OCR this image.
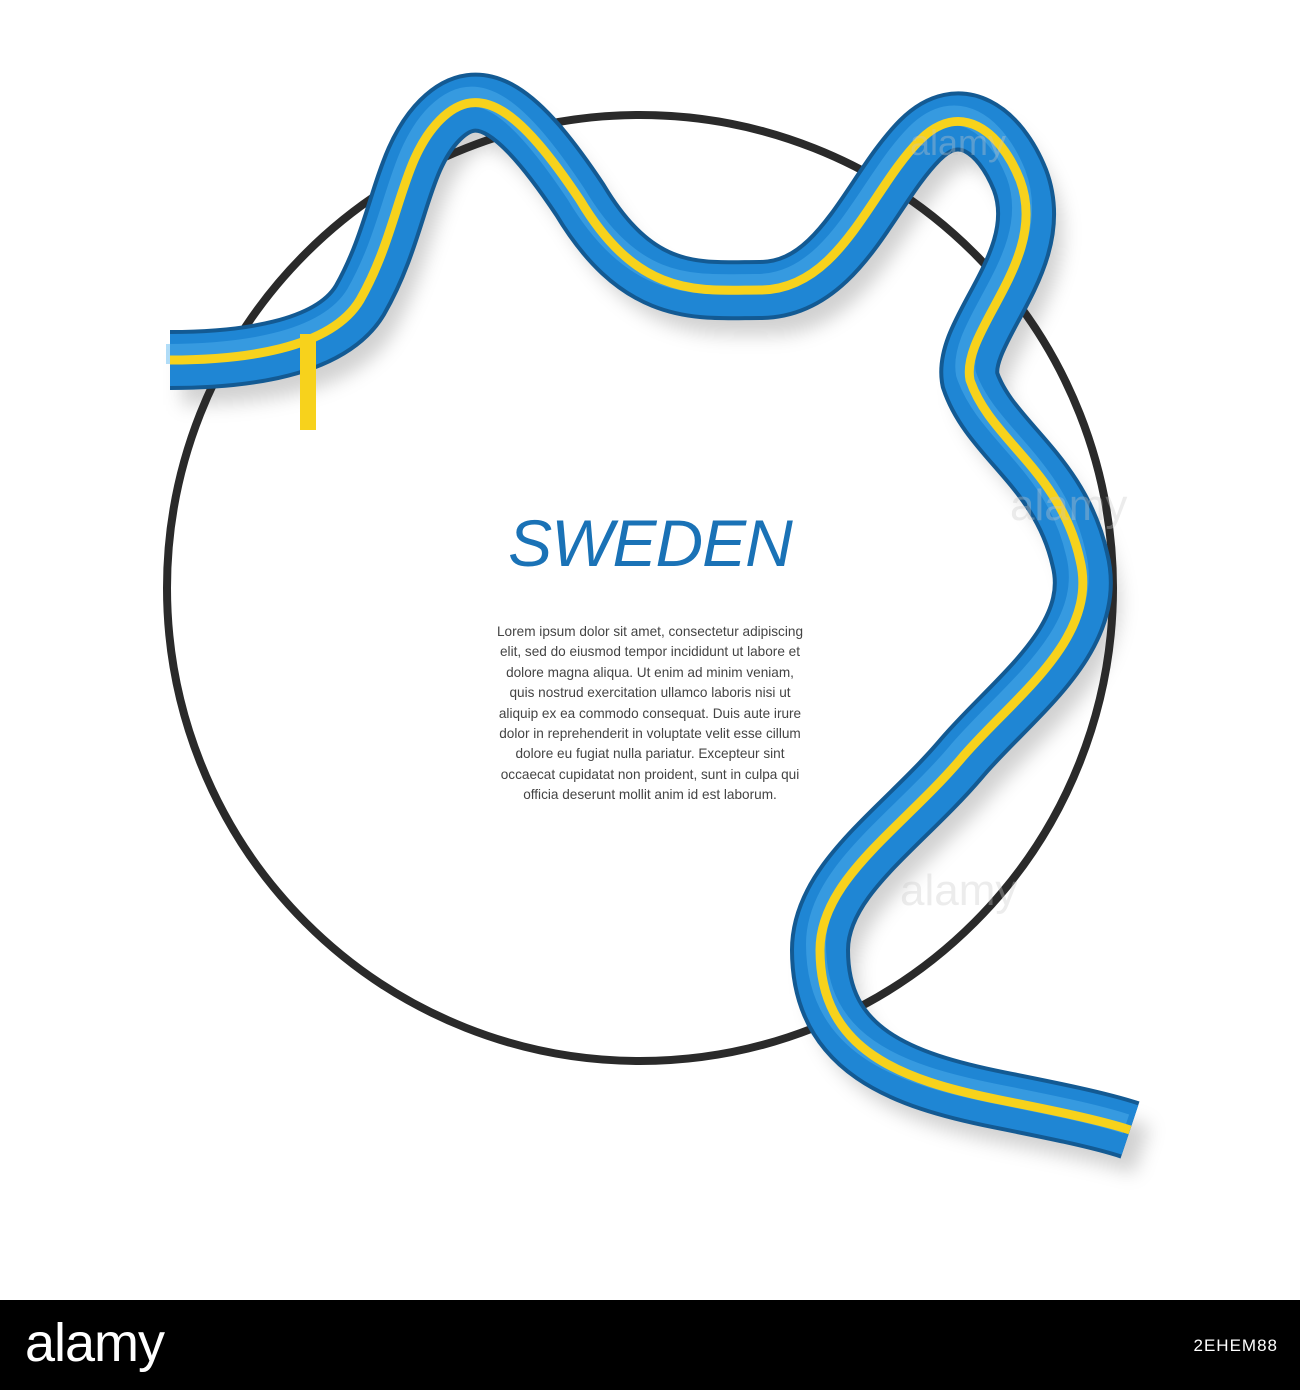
alamy
alamy
alamy
SWEDEN
Lorem ipsum dolor sit amet, consectetur adipiscing elit, sed do eiusmod tempor incididunt ut labore et dolore magna aliqua. Ut enim ad minim veniam, quis nostrud exercitation ullamco laboris nisi ut aliquip ex ea commodo consequat. Duis aute irure dolor in reprehenderit in voluptate velit esse cillum dolore eu fugiat nulla pariatur. Excepteur sint occaecat cupidatat non proident, sunt in culpa qui officia deserunt mollit anim id est laborum.
alamy	2EHEM88
